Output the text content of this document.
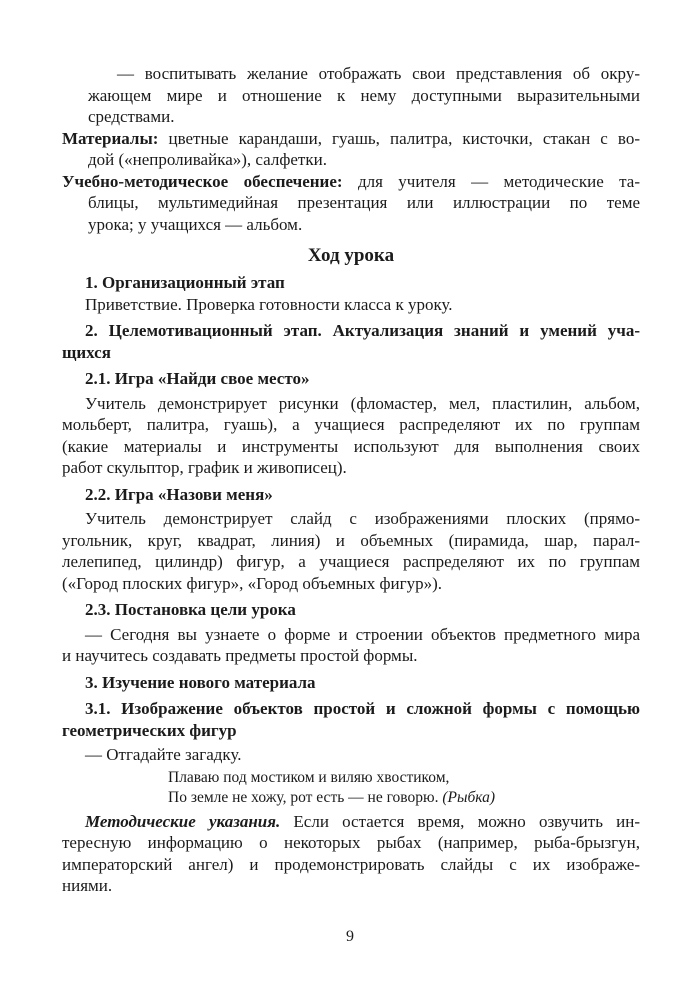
— воспитывать желание отображать свои представления об окру-
жающем мире и отношение к нему доступными выразительными
средствами.
Материалы: цветные карандаши, гуашь, палитра, кисточки, стакан с во-
дой («непроливайка»), салфетки.
Учебно-методическое обеспечение: для учителя — методические та-
блицы, мультимедийная презентация или иллюстрации по теме
урока; у учащихся — альбом.
Ход урока
1. Организационный этап
Приветствие. Проверка готовности класса к уроку.
2. Целемотивационный этап. Актуализация знаний и умений уча-
щихся
2.1. Игра «Найди свое место»
Учитель демонстрирует рисунки (фломастер, мел, пластилин, альбом,
мольберт, палитра, гуашь), а учащиеся распределяют их по группам
(какие материалы и инструменты используют для выполнения своих
работ скульптор, график и живописец).
2.2. Игра «Назови меня»
Учитель демонстрирует слайд с изображениями плоских (прямо-
угольник, круг, квадрат, линия) и объемных (пирамида, шар, парал-
лелепипед, цилиндр) фигур, а учащиеся распределяют их по группам
(«Город плоских фигур», «Город объемных фигур»).
2.3. Постановка цели урока
— Сегодня вы узнаете о форме и строении объектов предметного мира
и научитесь создавать предметы простой формы.
3. Изучение нового материала
3.1. Изображение объектов простой и сложной формы с помощью
геометрических фигур
— Отгадайте загадку.
Плаваю под мостиком и виляю хвостиком,
По земле не хожу, рот есть — не говорю. (Рыбка)
Методические указания. Если остается время, можно озвучить ин-
тересную информацию о некоторых рыбах (например, рыба-брызгун,
императорский ангел) и продемонстрировать слайды с их изображе-
ниями.
9
